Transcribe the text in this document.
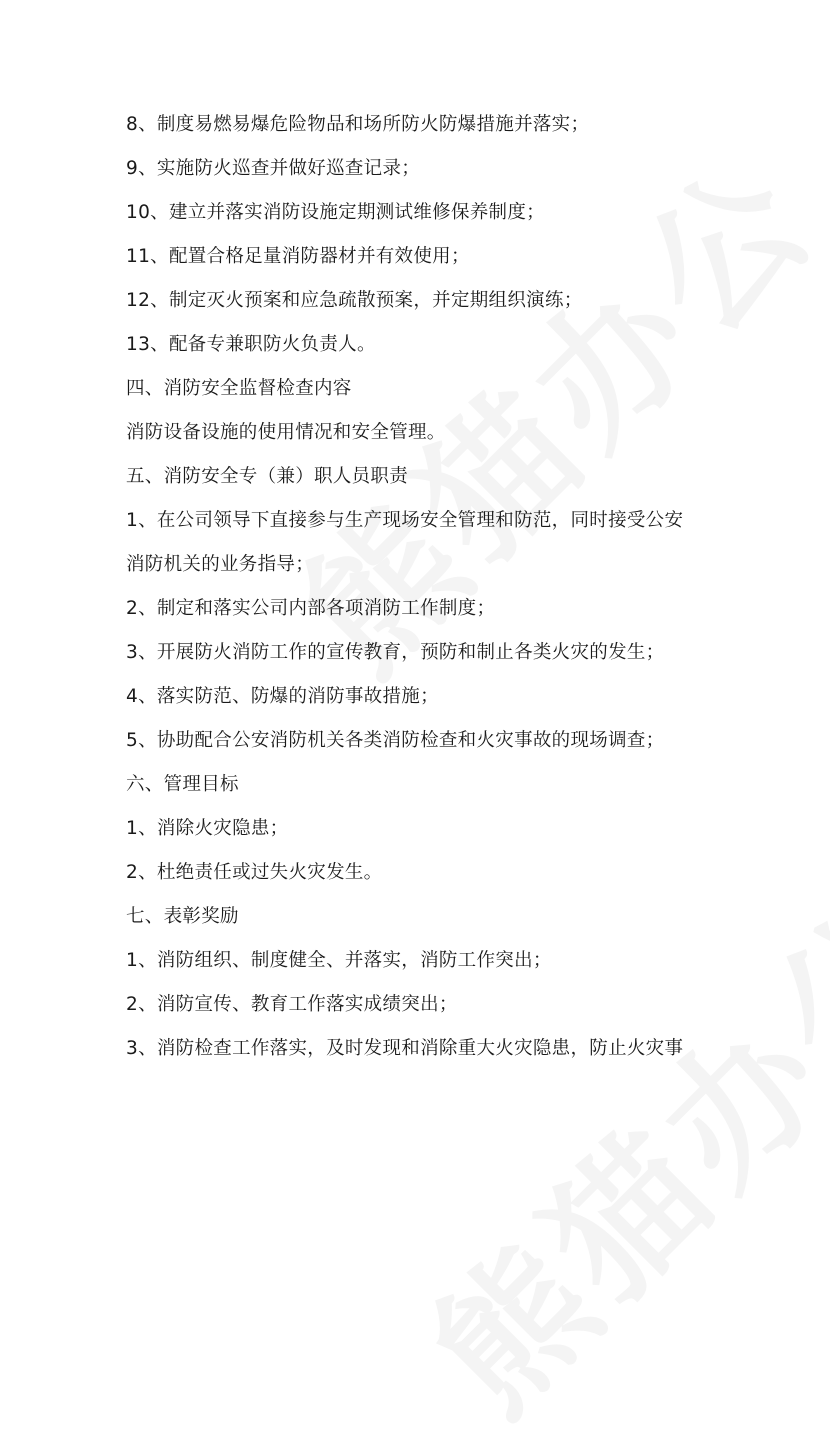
8、制度易燃易爆危险物品和场所防火防爆措施并落实；
9、实施防火巡查并做好巡查记录；
10、建立并落实消防设施定期测试维修保养制度；
11、配置合格足量消防器材并有效使用；
12、制定灭火预案和应急疏散预案，并定期组织演练；
13、配备专兼职防火负责人。
四、消防安全监督检查内容
消防设备设施的使用情况和安全管理。
五、消防安全专（兼）职人员职责
1、在公司领导下直接参与生产现场安全管理和防范，同时接受公安
消防机关的业务指导；
2、制定和落实公司内部各项消防工作制度；
3、开展防火消防工作的宣传教育，预防和制止各类火灾的发生；
4、落实防范、防爆的消防事故措施；
5、协助配合公安消防机关各类消防检查和火灾事故的现场调查；
六、管理目标
1、消除火灾隐患；
2、杜绝责任或过失火灾发生。
七、表彰奖励
1、消防组织、制度健全、并落实，消防工作突出；
2、消防宣传、教育工作落实成绩突出；
3、消防检查工作落实，及时发现和消除重大火灾隐患，防止火灾事
